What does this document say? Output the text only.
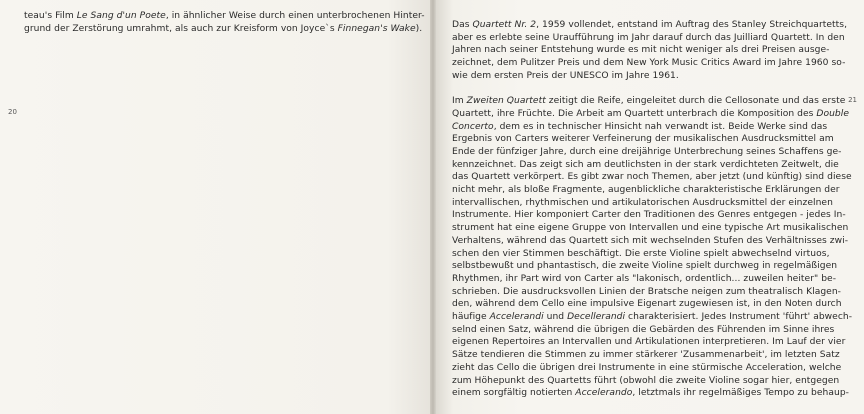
teau's Film Le Sang d'un Poete, in ähnlicher Weise durch einen unterbrochenen Hinter-

grund der Zerstörung umrahmt, als auch zur Kreisform von Joyce`s Finnegan's Wake).

20

Das Quartett Nr. 2, 1959 vollendet, entstand im Auftrag des Stanley Streichquartetts,

aber es erlebte seine Uraufführung im Jahr darauf durch das Juilliard Quartett. In den

Jahren nach seiner Entstehung wurde es mit nicht weniger als drei Preisen ausge-

zeichnet, dem Pulitzer Preis und dem New York Music Critics Award im Jahre 1960 so-

wie dem ersten Preis der UNESCO im Jahre 1961.

Im Zweiten Quartett zeitigt die Reife, eingeleitet durch die Cellosonate und das erste

Quartett, ihre Früchte. Die Arbeit am Quartett unterbrach die Komposition des Double

Concerto, dem es in technischer Hinsicht nah verwandt ist. Beide Werke sind das

Ergebnis von Carters weiterer Verfeinerung der musikalischen Ausdrucksmittel am

Ende der fünfziger Jahre, durch eine dreijährige Unterbrechung seines Schaffens ge-

kennzeichnet. Das zeigt sich am deutlichsten in der stark verdichteten Zeitwelt, die

das Quartett verkörpert. Es gibt zwar noch Themen, aber jetzt (und künftig) sind diese

nicht mehr, als bloße Fragmente, augenblickliche charakteristische Erklärungen der

intervallischen, rhythmischen und artikulatorischen Ausdrucksmittel der einzelnen

Instrumente. Hier komponiert Carter den Traditionen des Genres entgegen - jedes In-

strument hat eine eigene Gruppe von Intervallen und eine typische Art musikalischen

Verhaltens, während das Quartett sich mit wechselnden Stufen des Verhältnisses zwi-

schen den vier Stimmen beschäftigt. Die erste Violine spielt abwechselnd virtuos,

selbstbewußt und phantastisch, die zweite Violine spielt durchweg in regelmäßigen

Rhythmen, ihr Part wird von Carter als "lakonisch, ordentlich... zuweilen heiter" be-

schrieben. Die ausdrucksvollen Linien der Bratsche neigen zum theatralisch Klagen-

den, während dem Cello eine impulsive Eigenart zugewiesen ist, in den Noten durch

häufige Accelerandi und Decellerandi charakterisiert. Jedes Instrument 'führt' abwech-

selnd einen Satz, während die übrigen die Gebärden des Führenden im Sinne ihres

eigenen Repertoires an Intervallen und Artikulationen interpretieren. Im Lauf der vier

Sätze tendieren die Stimmen zu immer stärkerer 'Zusammenarbeit', im letzten Satz

zieht das Cello die übrigen drei Instrumente in eine stürmische Acceleration, welche

zum Höhepunkt des Quartetts führt (obwohl die zweite Violine sogar hier, entgegen

einem sorgfältig notierten Accelerando, letztmals ihr regelmäßiges Tempo zu behaup-

21
